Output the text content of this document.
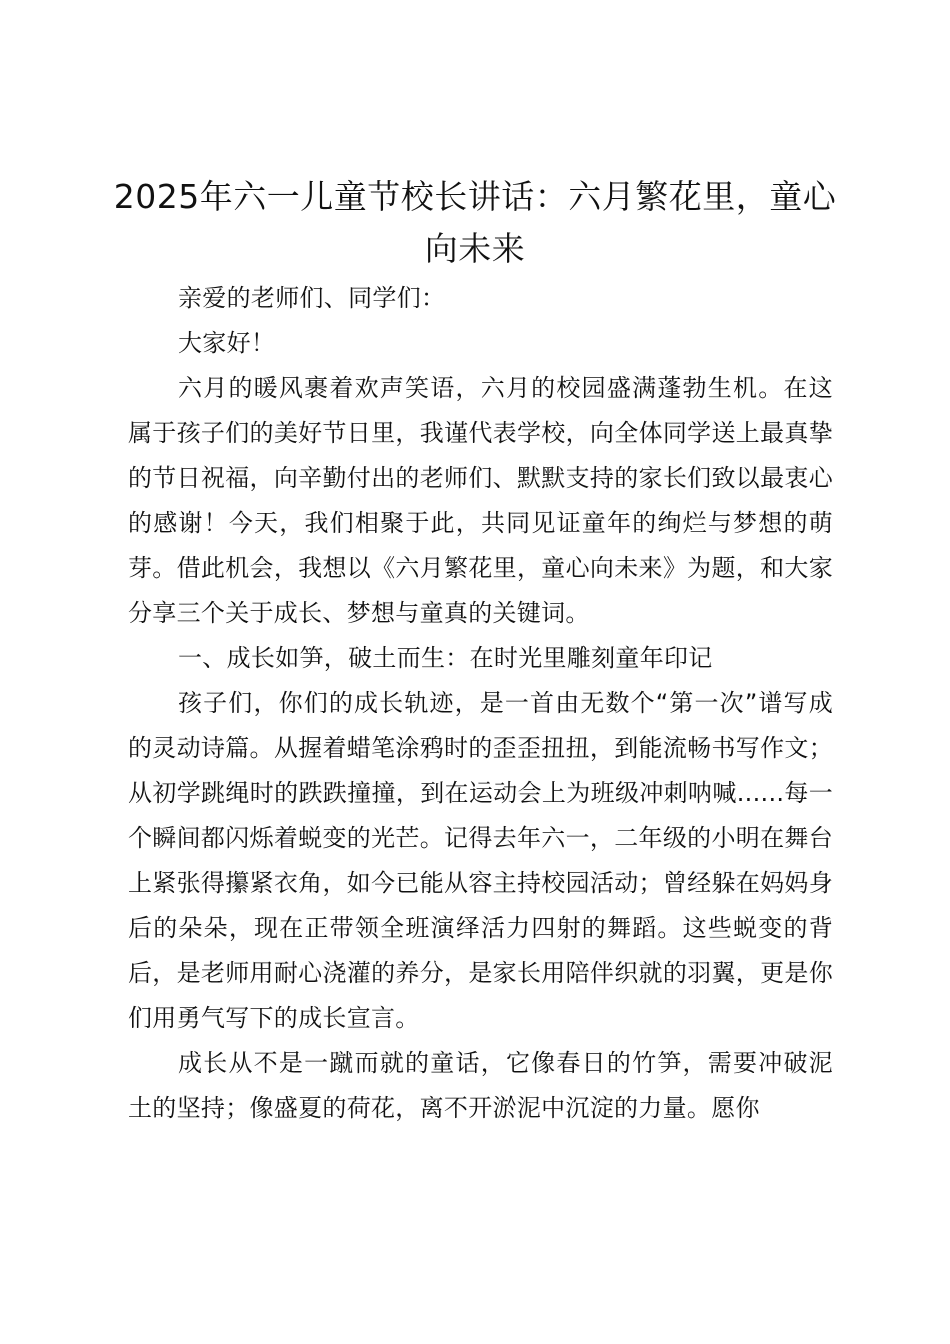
2025年六一儿童节校长讲话：六月繁花里，童心向未来
亲爱的老师们、同学们：
大家好！
六月的暖风裹着欢声笑语，六月的校园盛满蓬勃生机。在这属于孩子们的美好节日里，我谨代表学校，向全体同学送上最真挚的节日祝福，向辛勤付出的老师们、默默支持的家长们致以最衷心的感谢！今天，我们相聚于此，共同见证童年的绚烂与梦想的萌芽。借此机会，我想以《六月繁花里，童心向未来》为题，和大家分享三个关于成长、梦想与童真的关键词。
一、成长如笋，破土而生：在时光里雕刻童年印记
孩子们，你们的成长轨迹，是一首由无数个“第一次”谱写成的灵动诗篇。从握着蜡笔涂鸦时的歪歪扭扭，到能流畅书写作文；从初学跳绳时的跌跌撞撞，到在运动会上为班级冲刺呐喊......每一个瞬间都闪烁着蜕变的光芒。记得去年六一，二年级的小明在舞台上紧张得攥紧衣角，如今已能从容主持校园活动；曾经躲在妈妈身后的朵朵，现在正带领全班演绎活力四射的舞蹈。这些蜕变的背后，是老师用耐心浇灌的养分，是家长用陪伴织就的羽翼，更是你们用勇气写下的成长宣言。
成长从不是一蹴而就的童话，它像春日的竹笋，需要冲破泥土的坚持；像盛夏的荷花，离不开淤泥中沉淀的力量。愿你
